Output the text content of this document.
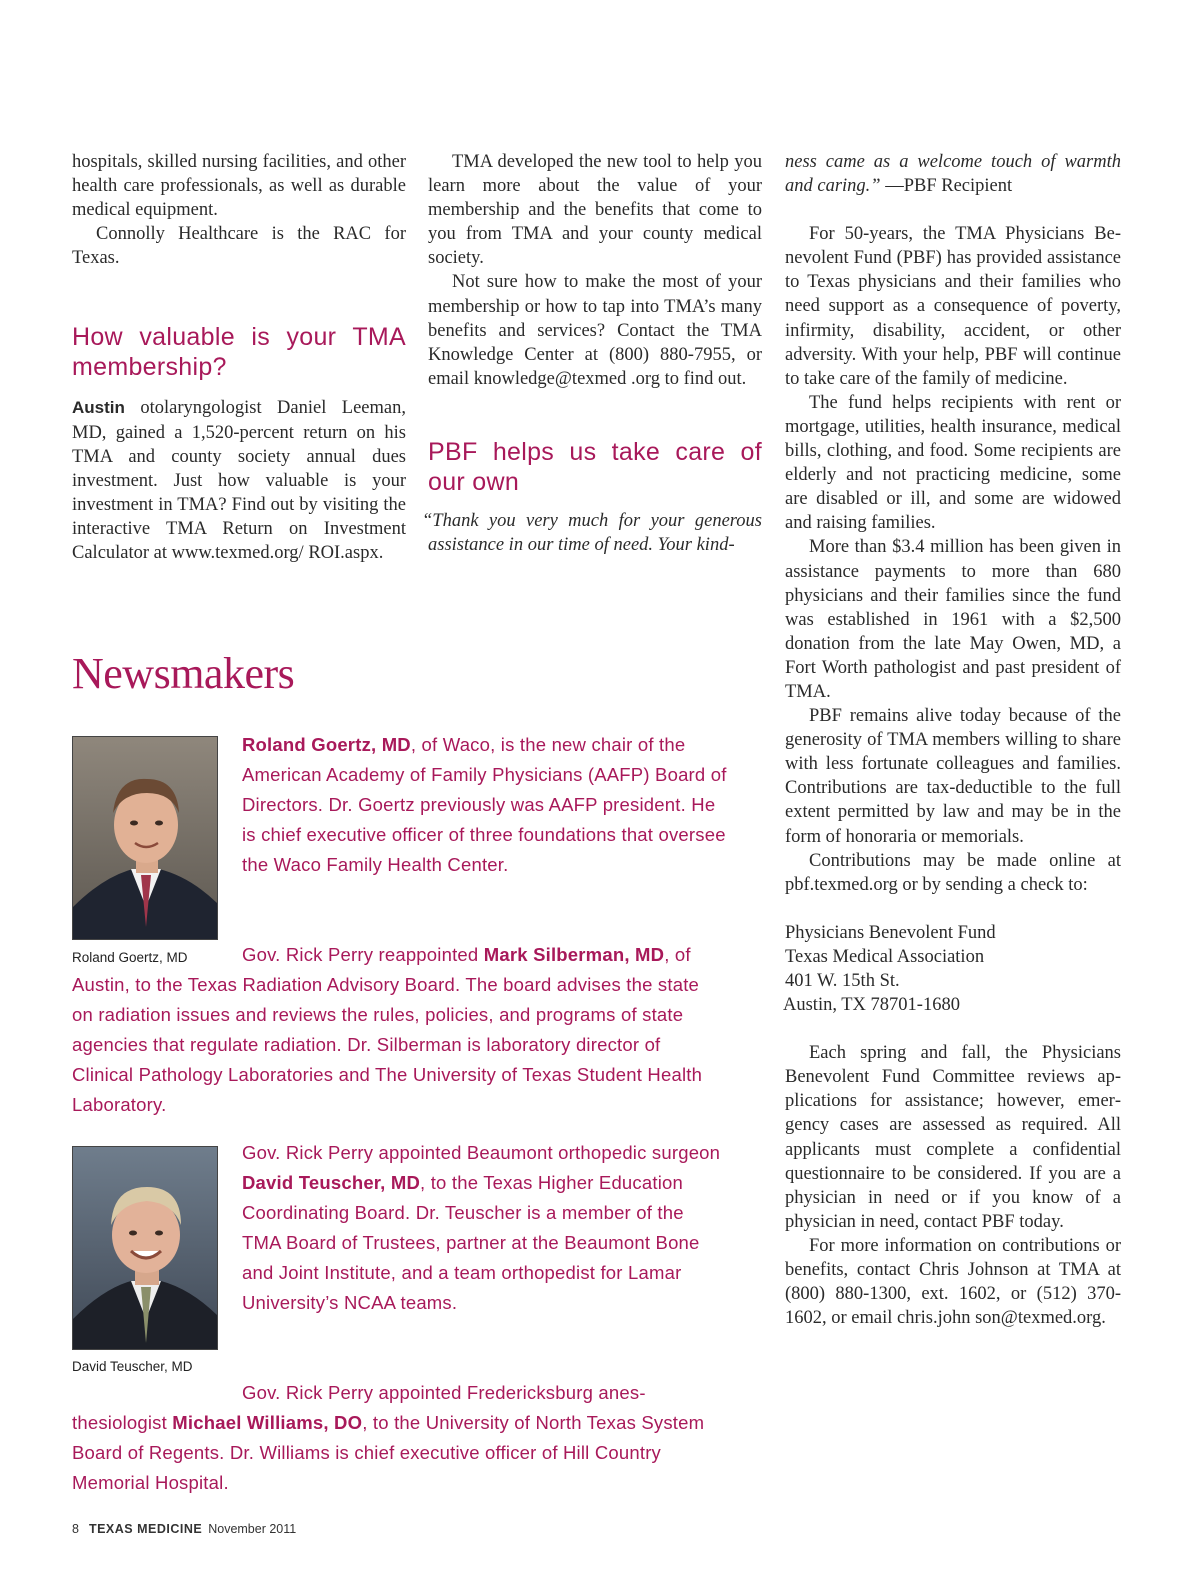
hospitals, skilled nursing facilities, and other health care professionals, as well as durable medical equipment.

Connolly Healthcare is the RAC for Texas.

How valuable is your TMA membership?

Austin otolaryngologist Daniel Leeman, MD, gained a 1,520-percent return on his TMA and county society annual dues investment. Just how valuable is your investment in TMA? Find out by visiting the interactive TMA Return on Investment Calculator at www.texmed.org/ ROI.aspx.

TMA developed the new tool to help you learn more about the value of your membership and the benefits that come to you from TMA and your county medical society.

Not sure how to make the most of your membership or how to tap into TMA’s many benefits and services? Contact the TMA Knowledge Center at (800) 880-7955, or email knowledge@texmed .org to find out.

PBF helps us take care of our own

“Thank you very much for your generous assistance in our time of need. Your kind-

ness came as a welcome touch of warmth and caring.” —PBF Recipient

For 50-years, the TMA Physicians Benevolent Fund (PBF) has provided assistance to Texas physicians and their families who need support as a consequence of poverty, infirmity, disability, accident, or other adversity. With your help, PBF will continue to take care of the family of medicine.

The fund helps recipients with rent or mortgage, utilities, health insurance, medical bills, clothing, and food. Some recipients are elderly and not practicing medicine, some are disabled or ill, and some are widowed and raising families.

More than $3.4 million has been given in assistance payments to more than 680 physicians and their families since the fund was established in 1961 with a $2,500 donation from the late May Owen, MD, a Fort Worth pathologist and past president of TMA.

PBF remains alive today because of the generosity of TMA members willing to share with less fortunate colleagues and families. Contributions are tax-deductible to the full extent permitted by law and may be in the form of honoraria or memorials.

Contributions may be made online at pbf.texmed.org or by sending a check to:

Physicians Benevolent Fund

Texas Medical Association

401 W. 15th St.

Austin, TX 78701-1680

Each spring and fall, the Physicians Benevolent Fund Committee reviews applications for assistance; however, emergency cases are assessed as required. All applicants must complete a confidential questionnaire to be considered. If you are a physician in need or if you know of a physician in need, contact PBF today.

For more information on contributions or benefits, contact Chris Johnson at TMA at (800) 880-1300, ext. 1602, or (512) 370-1602, or email chris.john son@texmed.org.

Newsmakers
Roland Goertz, MD
Roland Goertz, MD, of Waco, is the new chair of the American Academy of Family Physicians (AAFP) Board of Directors. Dr. Goertz previously was AAFP president. He is chief executive officer of three foundations that oversee the Waco Family Health Center.
Gov. Rick Perry reappointed Mark Silberman, MD, of Austin, to the Texas Radiation Advisory Board. The board advises the state on radiation issues and reviews the rules, policies, and programs of state agencies that regulate radiation. Dr. Silberman is laboratory director of Clinical Pathology Laboratories and The University of Texas Student Health Laboratory.
David Teuscher, MD
Gov. Rick Perry appointed Beaumont orthopedic surgeon David Teuscher, MD, to the Texas Higher Education Coordinating Board. Dr. Teuscher is a member of the TMA Board of Trustees, partner at the Beaumont Bone and Joint Institute, and a team orthopedist for Lamar University’s NCAA teams.
Gov. Rick Perry appointed Fredericksburg anesthesiologist Michael Williams, DO, to the University of North Texas System Board of Regents. Dr. Williams is chief executive officer of Hill Country Memorial Hospital.
8 TEXAS MEDICINE November 2011
